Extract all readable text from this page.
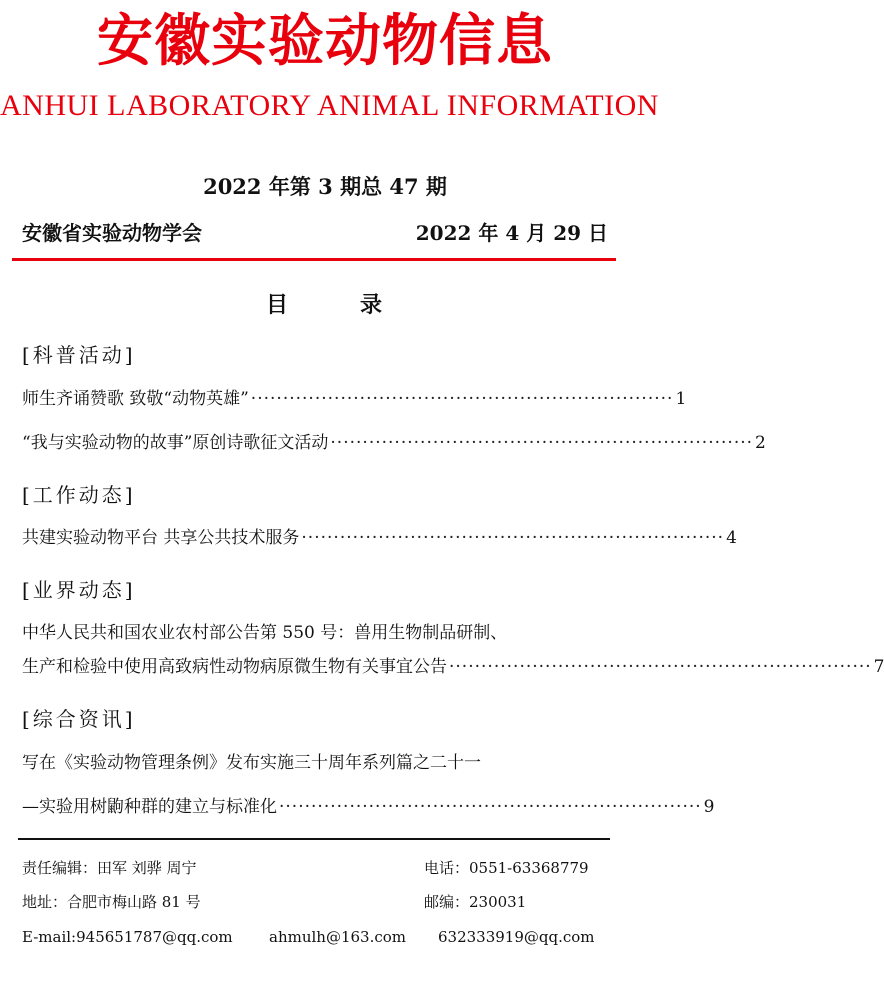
安徽实验动物信息
ANHUI LABORATORY ANIMAL INFORMATION
2022 年第 3 期总 47 期
安徽省实验动物学会	2022 年 4 月 29 日
目	录
[科普活动]
师生齐诵赞歌 致敬“动物英雄” ·································································· 1
“我与实验动物的故事”原创诗歌征文活动 ·································································· 2
[工作动态]
共建实验动物平台 共享公共技术服务 ·································································· 4
[业界动态]
中华人民共和国农业农村部公告第 550 号：兽用生物制品研制、
生产和检验中使用高致病性动物病原微生物有关事宜公告 ·································································· 7
[综合资讯]
写在《实验动物管理条例》发布实施三十周年系列篇之二十一
—实验用树鼩种群的建立与标准化 ·································································· 9
责任编辑：田军 刘骅 周宁	电话：0551-63368779
地址：合肥市梅山路 81 号	邮编：230031
E-mail:945651787@qq.com ahmulh@163.com 632333919@qq.com
